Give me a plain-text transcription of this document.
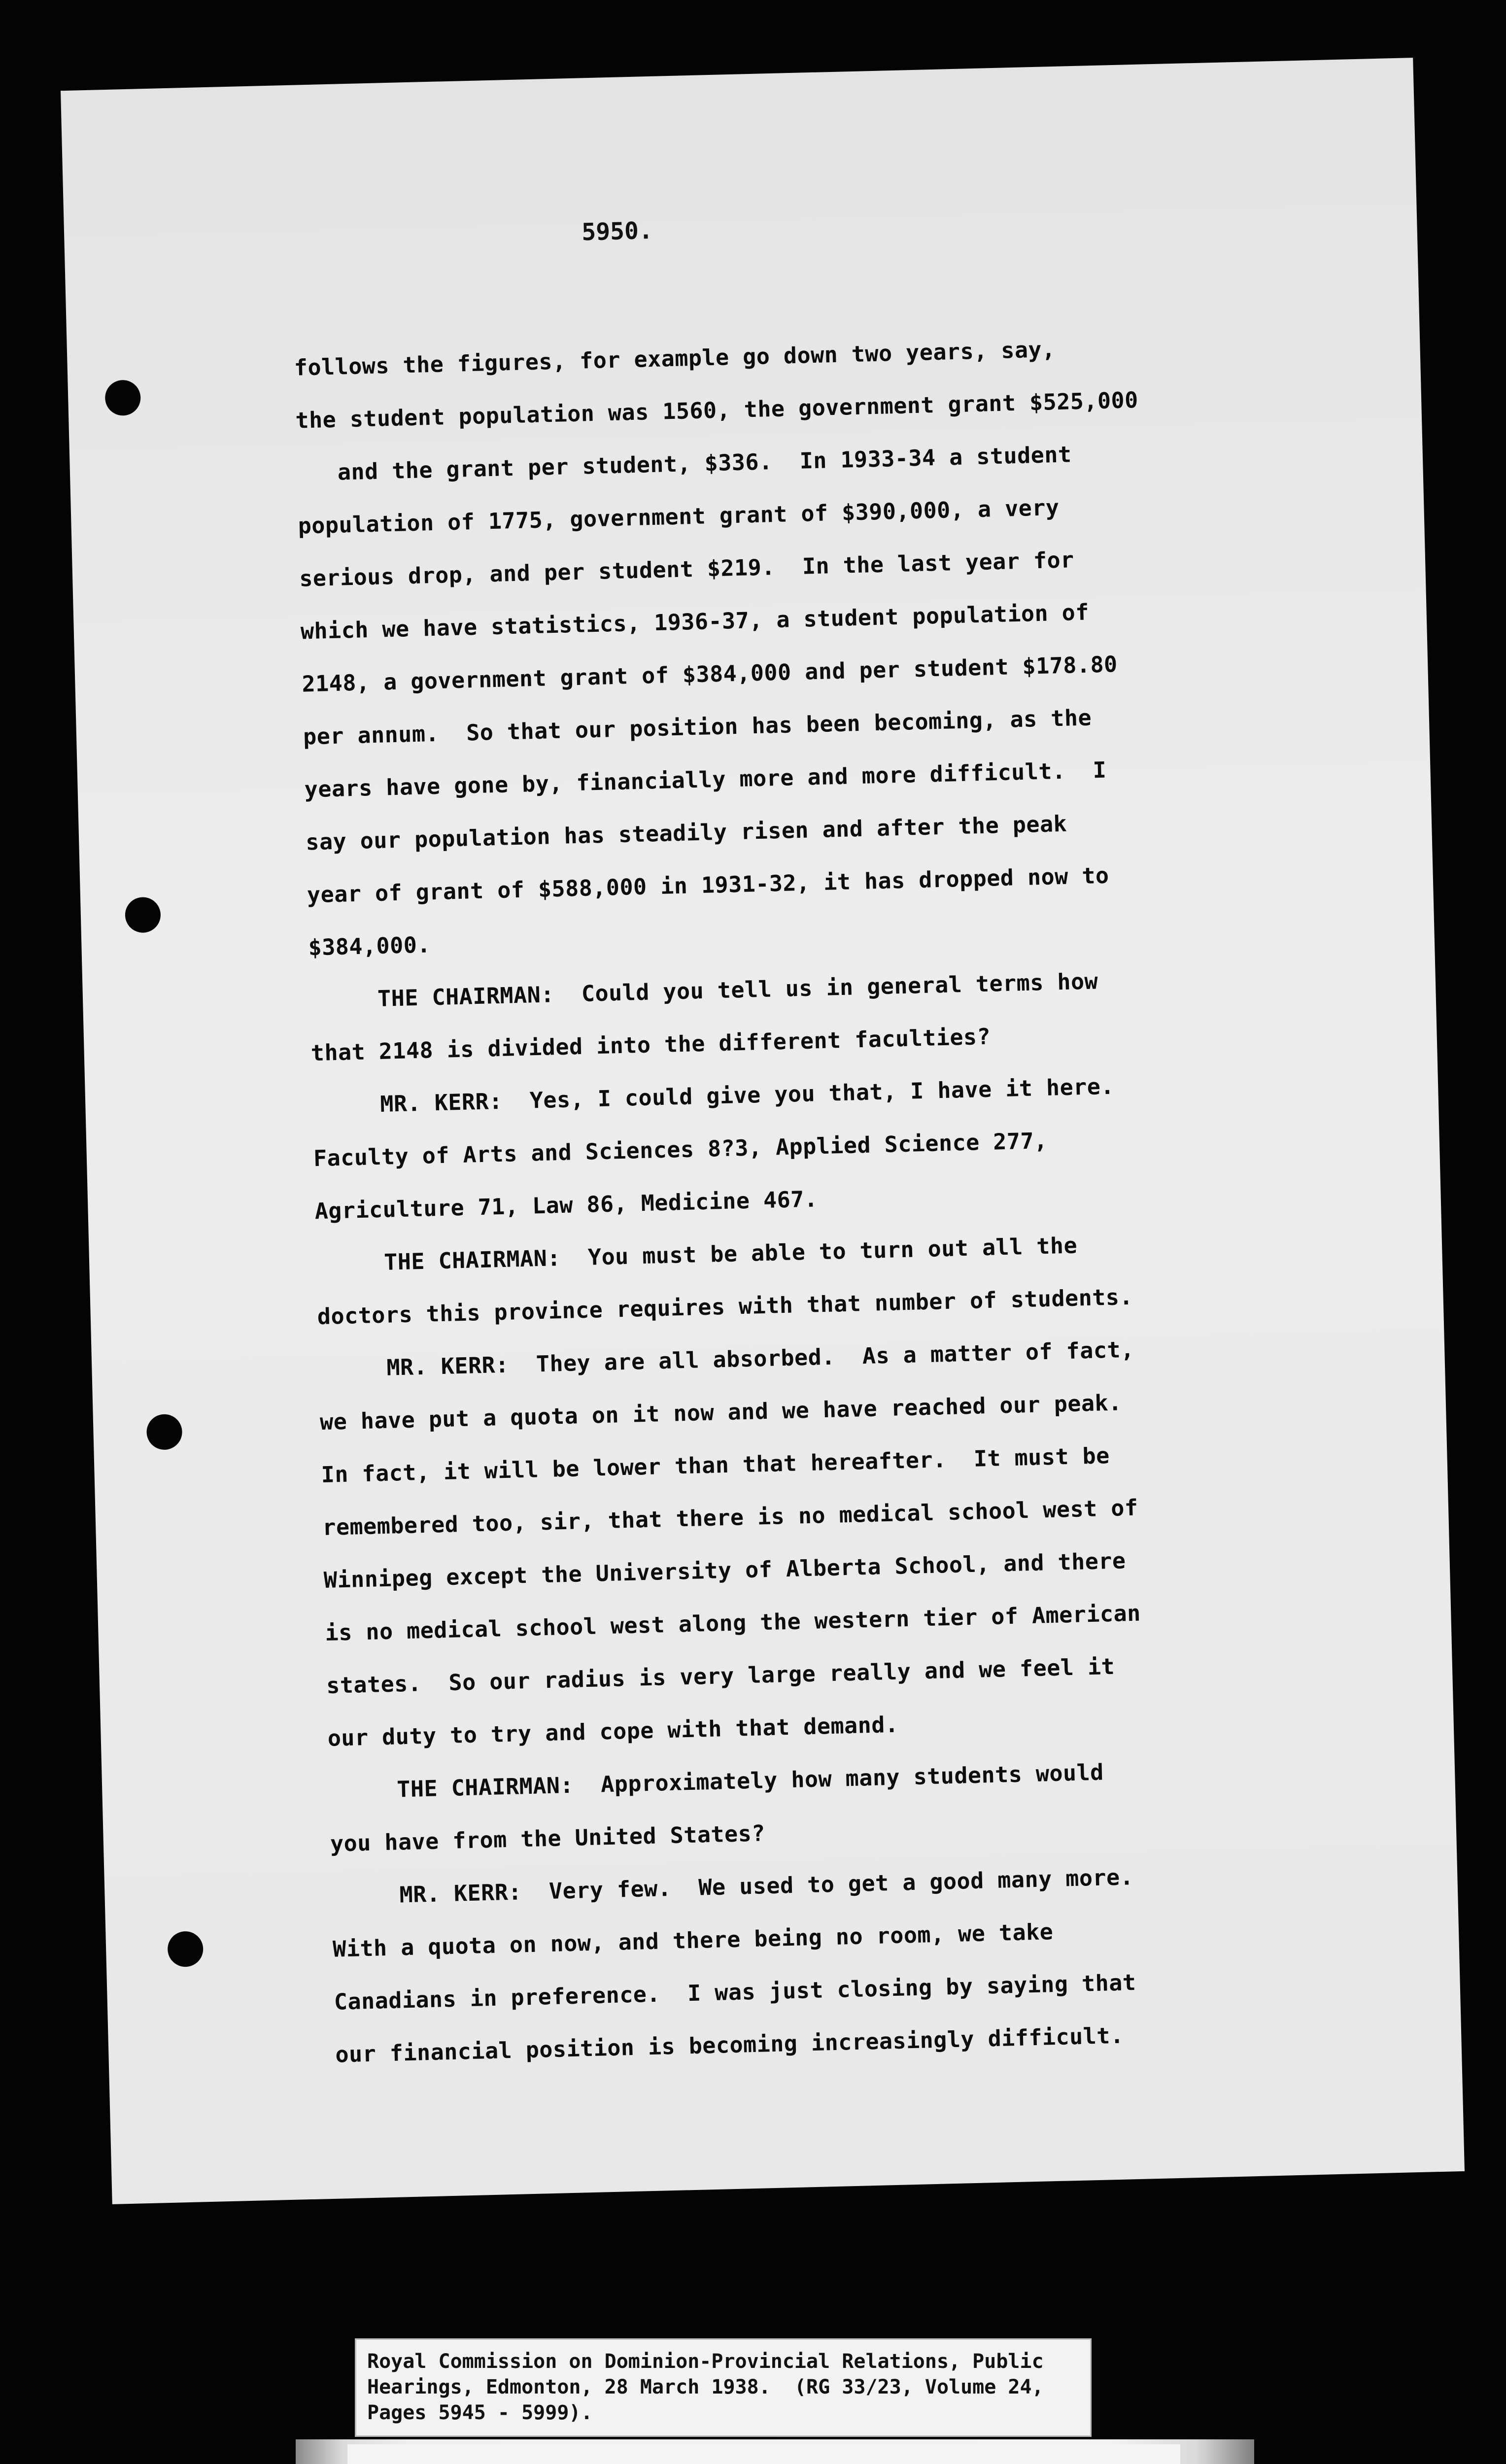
5950.
follows the figures, for example go down two years, say,
the student population was 1560, the government grant $525,000
and the grant per student, $336.  In 1933-34 a student
population of 1775, government grant of $390,000, a very
serious drop, and per student $219.  In the last year for
which we have statistics, 1936-37, a student population of
2148, a government grant of $384,000 and per student $178.80
per annum.  So that our position has been becoming, as the
years have gone by, financially more and more difficult.  I
say our population has steadily risen and after the peak
year of grant of $588,000 in 1931-32, it has dropped now to
$384,000.
THE CHAIRMAN:  Could you tell us in general terms how
that 2148 is divided into the different faculties?
MR. KERR:  Yes, I could give you that, I have it here.
Faculty of Arts and Sciences 8?3, Applied Science 277,
Agriculture 71, Law 86, Medicine 467.
THE CHAIRMAN:  You must be able to turn out all the
doctors this province requires with that number of students.
MR. KERR:  They are all absorbed.  As a matter of fact,
we have put a quota on it now and we have reached our peak.
In fact, it will be lower than that hereafter.  It must be
remembered too, sir, that there is no medical school west of
Winnipeg except the University of Alberta School, and there
is no medical school west along the western tier of American
states.  So our radius is very large really and we feel it
our duty to try and cope with that demand.
THE CHAIRMAN:  Approximately how many students would
you have from the United States?
MR. KERR:  Very few.  We used to get a good many more.
With a quota on now, and there being no room, we take
Canadians in preference.  I was just closing by saying that
our financial position is becoming increasingly difficult.
Royal Commission on Dominion-Provincial Relations, Public
Hearings, Edmonton, 28 March 1938.  (RG 33/23, Volume 24,
Pages 5945 - 5999).
